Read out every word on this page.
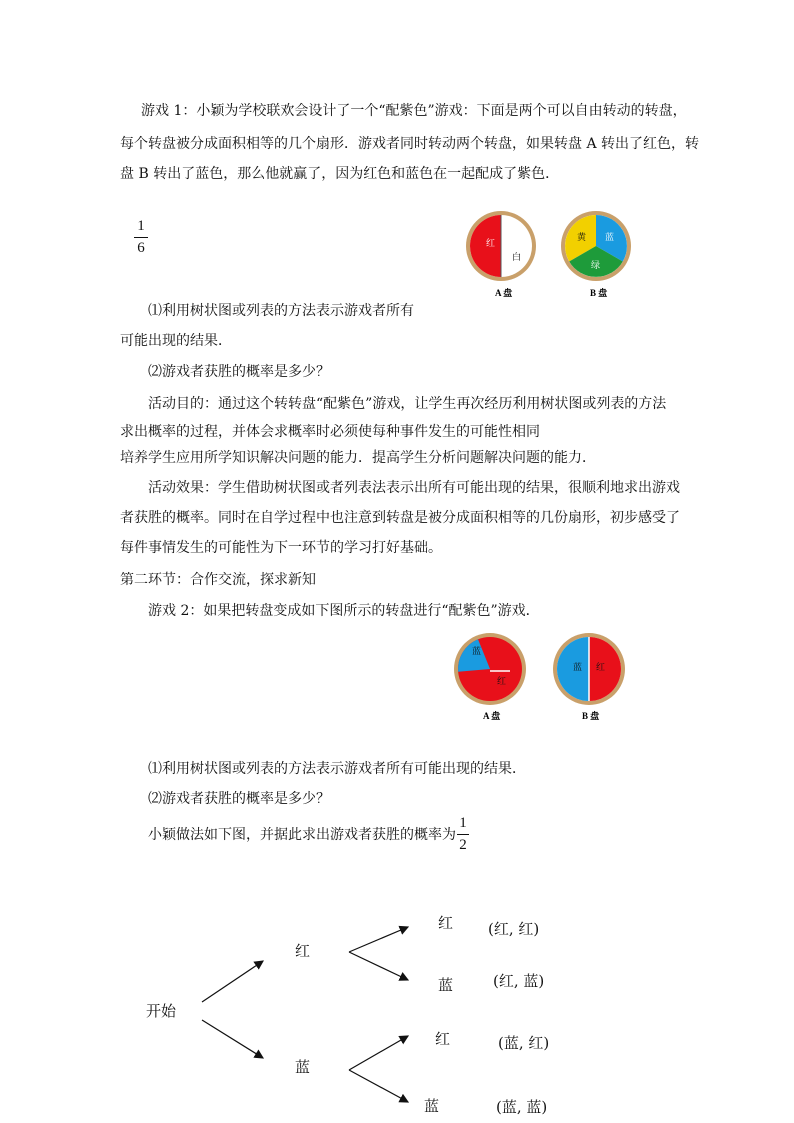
游戏 1：小颖为学校联欢会设计了一个“配紫色”游戏：下面是两个可以自由转动的转盘，
每个转盘被分成面积相等的几个扇形．游戏者同时转动两个转盘，如果转盘 A 转出了红色，转
盘 B 转出了蓝色，那么他就赢了，因为红色和蓝色在一起配成了紫色．
1
6	红
白
A 盘
黄 蓝
绿
B 盘
⑴利用树状图或列表的方法表示游戏者所有
可能出现的结果．
⑵游戏者获胜的概率是多少？
活动目的：通过这个转转盘“配紫色”游戏，让学生再次经历利用树状图或列表的方法
求出概率的过程，并体会求概率时必须使每种事件发生的可能性相同
培养学生应用所学知识解决问题的能力．提高学生分析问题解决问题的能力．
活动效果：学生借助树状图或者列表法表示出所有可能出现的结果，很顺利地求出游戏
者获胜的概率。同时在自学过程中也注意到转盘是被分成面积相等的几份扇形，初步感受了
每件事情发生的可能性为下一环节的学习打好基础。
第二环节：合作交流，探求新知
游戏 2：如果把转盘变成如下图所示的转盘进行“配紫色”游戏．
蓝
红
A 盘
蓝 红
B 盘
⑴利用树状图或列表的方法表示游戏者所有可能出现的结果．
⑵游戏者获胜的概率是多少？
小颖做法如下图，并据此求出游戏者获胜的概率为
1
2
开始
红
蓝
红
蓝
红
蓝
(红, 红)
(红, 蓝)
(蓝, 红)
(蓝, 蓝)
